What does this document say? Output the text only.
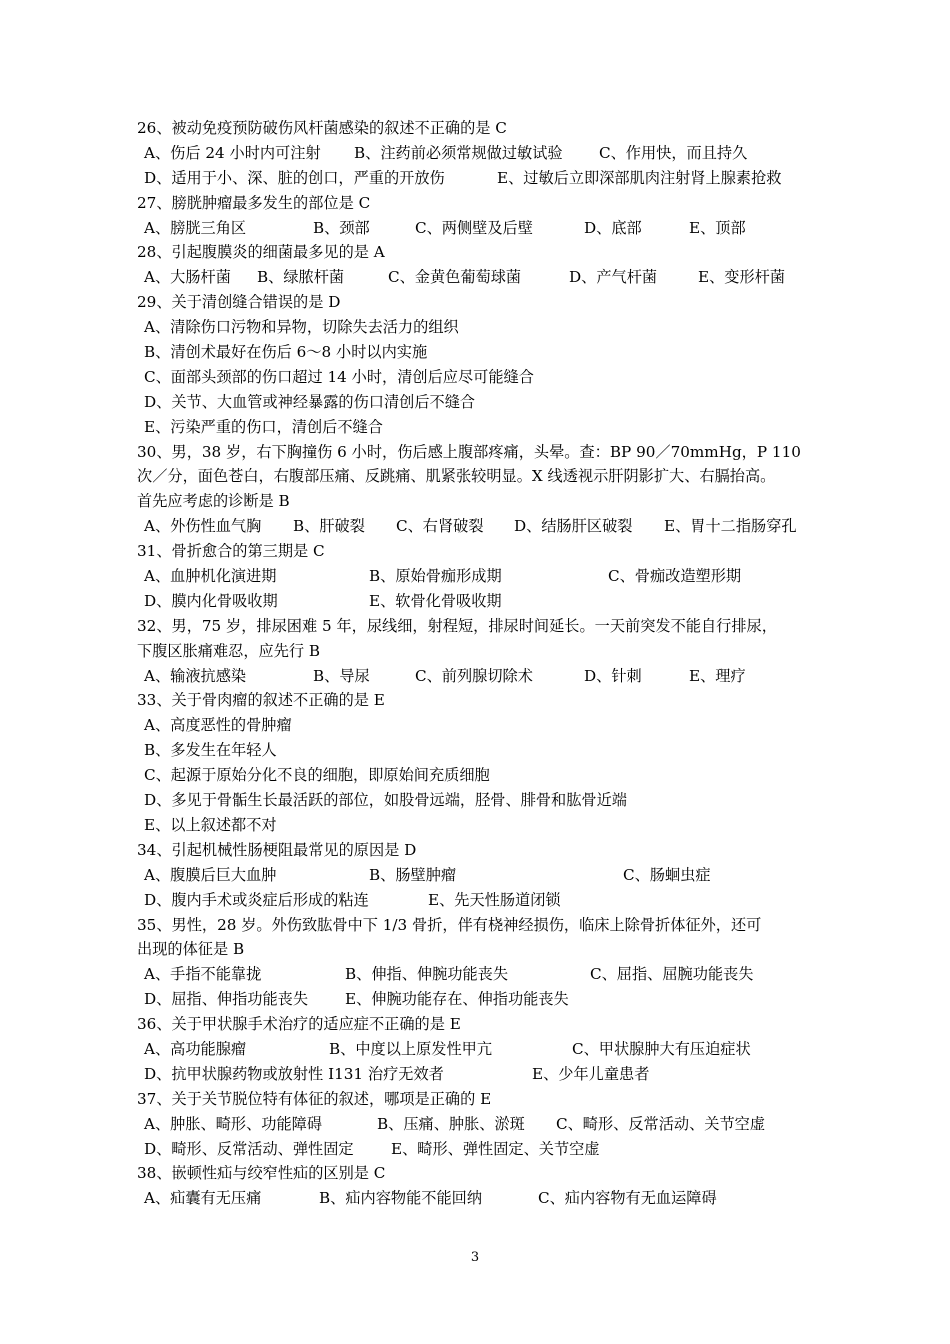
26、被动免疫预防破伤风杆菌感染的叙述不正确的是 C
A、伤后 24 小时内可注射 B、注药前必须常规做过敏试验 C、作用快，而且持久
D、适用于小、深、脏的创口，严重的开放伤	E、过敏后立即深部肌肉注射肾上腺素抢救
27、膀胱肿瘤最多发生的部位是 C
A、膀胱三角区	B、颈部	C、两侧壁及后壁	D、底部	E、顶部
28、引起腹膜炎的细菌最多见的是 A
A、大肠杆菌 B、绿脓杆菌	C、金黄色葡萄球菌	D、产气杆菌	E、变形杆菌
29、关于清创缝合错误的是 D
A、清除伤口污物和异物，切除失去活力的组织
B、清创术最好在伤后 6～8 小时以内实施
C、面部头颈部的伤口超过 14 小时，清创后应尽可能缝合
D、关节、大血管或神经暴露的伤口清创后不缝合
E、污染严重的伤口，清创后不缝合
30、男，38 岁，右下胸撞伤 6 小时，伤后感上腹部疼痛，头晕。查：BP 90／70mmHg，P 110
次／分，面色苍白，右腹部压痛、反跳痛、肌紧张较明显。X 线透视示肝阴影扩大、右膈抬高。
首先应考虑的诊断是 B
A、外伤性血气胸 B、肝破裂 C、右肾破裂 D、结肠肝区破裂 E、胃十二指肠穿孔
31、骨折愈合的第三期是 C
A、血肿机化演进期	B、原始骨痂形成期	C、骨痂改造塑形期
D、膜内化骨吸收期	E、软骨化骨吸收期
32、男，75 岁，排尿困难 5 年，尿线细，射程短，排尿时间延长。一天前突发不能自行排尿，
下腹区胀痛难忍，应先行 B
A、输液抗感染	B、导尿	C、前列腺切除术	D、针刺	E、理疗
33、关于骨肉瘤的叙述不正确的是 E
A、高度恶性的骨肿瘤
B、多发生在年轻人
C、起源于原始分化不良的细胞，即原始间充质细胞
D、多见于骨骺生长最活跃的部位，如股骨远端，胫骨、腓骨和肱骨近端
E、以上叙述都不对
34、引起机械性肠梗阻最常见的原因是 D
A、腹膜后巨大血肿	B、肠壁肿瘤	C、肠蛔虫症
D、腹内手术或炎症后形成的粘连	E、先天性肠道闭锁
35、男性，28 岁。外伤致肱骨中下 1/3 骨折，伴有桡神经损伤，临床上除骨折体征外，还可
出现的体征是 B
A、手指不能靠拢	B、伸指、伸腕功能丧失	C、屈指、屈腕功能丧失
D、屈指、伸指功能丧失 E、伸腕功能存在、伸指功能丧失
36、关于甲状腺手术治疗的适应症不正确的是 E
A、高功能腺瘤	B、中度以上原发性甲亢	C、甲状腺肿大有压迫症状
D、抗甲状腺药物或放射性 I131 治疗无效者	E、少年儿童患者
37、关于关节脱位特有体征的叙述，哪项是正确的 E
A、肿胀、畸形、功能障碍	B、压痛、肿胀、淤斑 C、畸形、反常活动、关节空虚
D、畸形、反常活动、弹性固定 E、畸形、弹性固定、关节空虚
38、嵌顿性疝与绞窄性疝的区别是 C
A、疝囊有无压痛	B、疝内容物能不能回纳	C、疝内容物有无血运障碍
3
